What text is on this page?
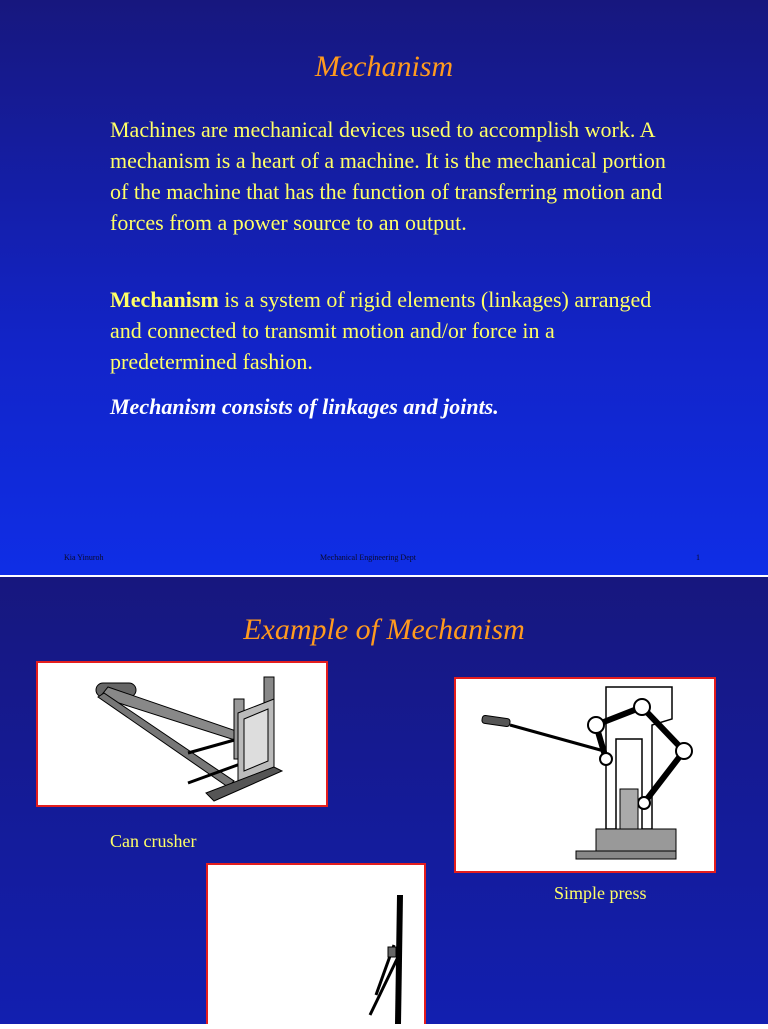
Mechanism

Machines are mechanical devices used to accomplish work. A mechanism is a heart of a machine. It is the mechanical portion of the machine that has the function of transferring motion and forces from a power source to an output.

Mechanism is a system of rigid elements (linkages) arranged and connected to transmit motion and/or force in a predetermined fashion.

Mechanism consists of linkages and joints.
Kia Yinuroh	Mechanical Engineering Dept	1
Example of Mechanism
Can crusher
Simple press
